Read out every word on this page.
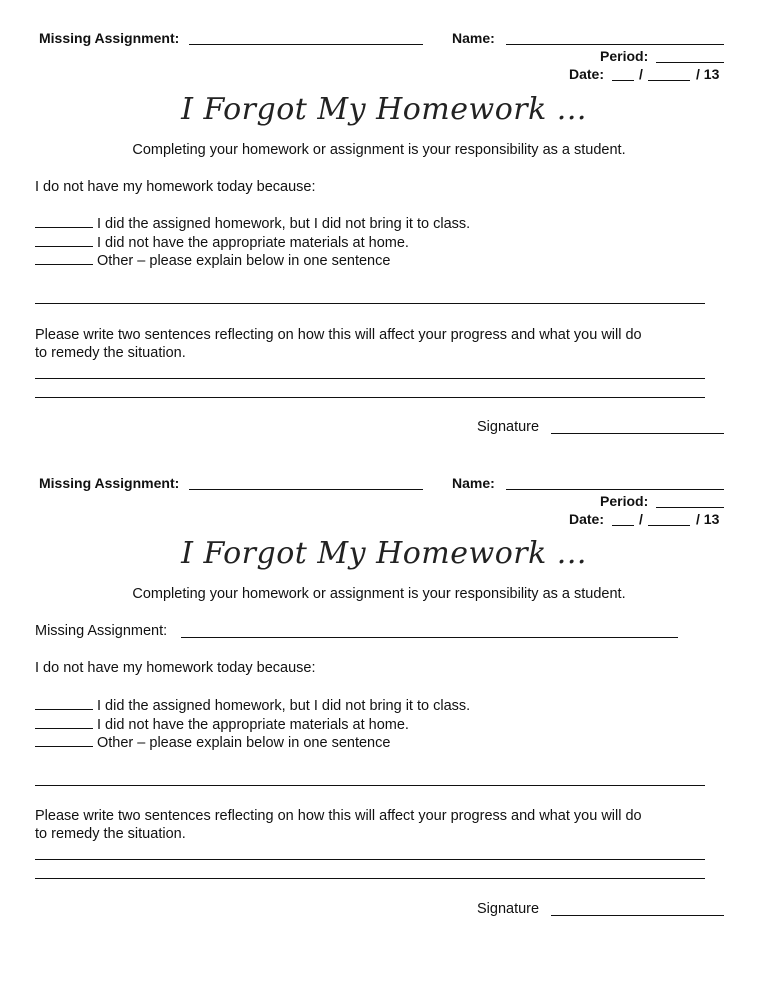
Missing Assignment:	Name:
Period:
Date: /	/ 13
I Forgot My Homework ...
Completing your homework or assignment is your responsibility as a student.
I do not have my homework today because:
I did the assigned homework, but I did not bring it to class.
I did not have the appropriate materials at home.
Other – please explain below in one sentence
Please write two sentences reflecting on how this will affect your progress and what you will do
to remedy the situation.
Signature
Missing Assignment:	Name:
Period:
Date: /	/ 13
I Forgot My Homework ...
Completing your homework or assignment is your responsibility as a student.
Missing Assignment:
I do not have my homework today because:
I did the assigned homework, but I did not bring it to class.
I did not have the appropriate materials at home.
Other – please explain below in one sentence
Please write two sentences reflecting on how this will affect your progress and what you will do
to remedy the situation.
Signature
